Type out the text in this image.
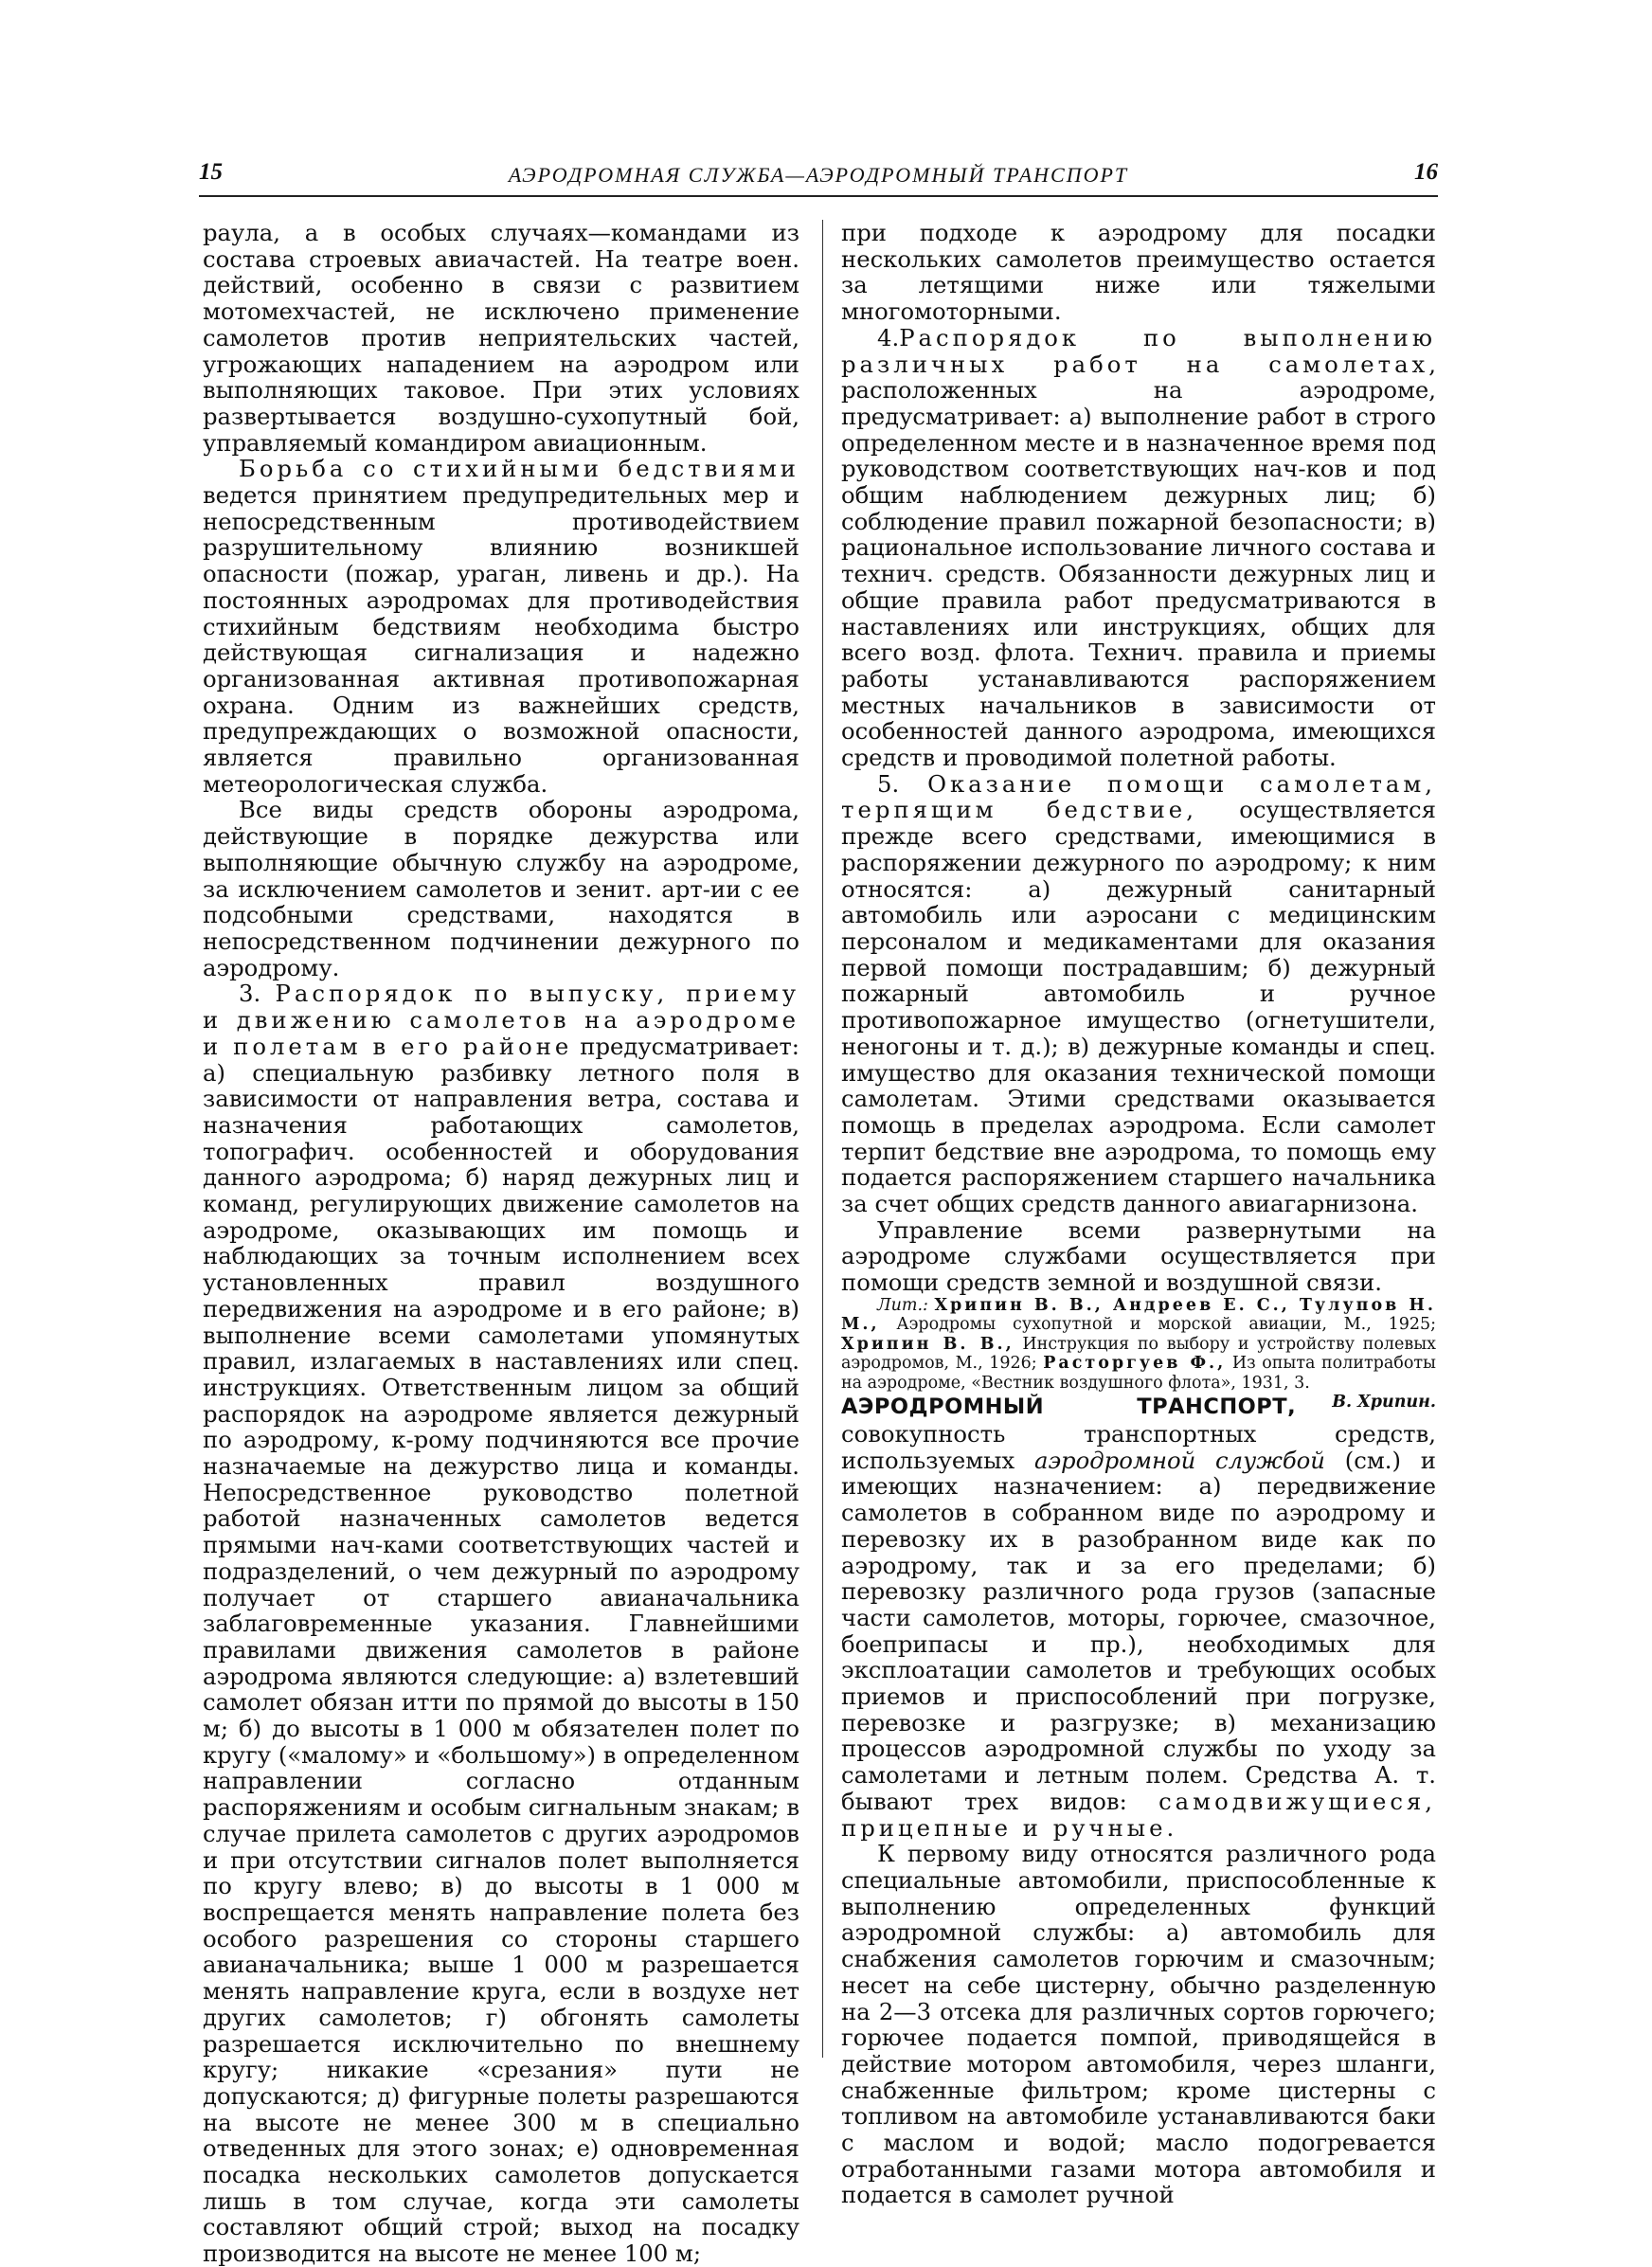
15	АЭРОДРОМНАЯ СЛУЖБА—АЭРОДРОМНЫЙ ТРАНСПОРТ	16

раула, а в особых случаях—командами из состава строевых авиачастей. На театре воен. действий, особенно в связи с развитием мотомехчастей, не исключено применение самолетов против неприятельских частей, угрожающих нападением на аэродром или выполняющих таковое. При этих условиях развертывается воздушно-сухопутный бой, управляемый командиром авиационным.

Борьба со стихийными бедствиями ведется принятием предупредительных мер и непосредственным противодействием разрушительному влиянию возникшей опасности (пожар, ураган, ливень и др.). На постоянных аэродромах для противодействия стихийным бедствиям необходима быстро действующая сигнализация и надежно организованная активная противопожарная охрана. Одним из важнейших средств, предупреждающих о возможной опасности, является правильно организованная метеорологическая служба.

Все виды средств обороны аэродрома, действующие в порядке дежурства или выполняющие обычную службу на аэродроме, за исключением самолетов и зенит. арт-ии с ее подсобными средствами, находятся в непосредственном подчинении дежурного по аэродрому.

3. Распорядок по выпуску, приему и движению самолетов на аэродроме и полетам в его районе предусматривает: а) специальную разбивку летного поля в зависимости от направления ветра, состава и назначения работающих самолетов, топографич. особенностей и оборудования данного аэродрома; б) наряд дежурных лиц и команд, регулирующих движение самолетов на аэродроме, оказывающих им помощь и наблюдающих за точным исполнением всех установленных правил воздушного передвижения на аэродроме и в его районе; в) выполнение всеми самолетами упомянутых правил, излагаемых в наставлениях или спец. инструкциях. Ответственным лицом за общий распорядок на аэродроме является дежурный по аэродрому, к-рому подчиняются все прочие назначаемые на дежурство лица и команды. Непосредственное руководство полетной работой назначенных самолетов ведется прямыми нач-ками соответствующих частей и подразделений, о чем дежурный по аэродрому получает от старшего авианачальника заблаговременные указания. Главнейшими правилами движения самолетов в районе аэродрома являются следующие: а) взлетевший самолет обязан итти по прямой до высоты в 150 м; б) до высоты в 1 000 м обязателен полет по кругу («малому» и «большому») в определенном направлении согласно отданным распоряжениям и особым сигнальным знакам; в случае прилета самолетов с других аэродромов и при отсутствии сигналов полет выполняется по кругу влево; в) до высоты в 1 000 м воспрещается менять направление полета без особого разрешения со стороны старшего авианачальника; выше 1 000 м разрешается менять направление круга, если в воздухе нет других самолетов; г) обгонять самолеты разрешается исключительно по внешнему кругу; никакие «срезания» пути не допускаются; д) фигурные полеты разрешаются на высоте не менее 300 м в специально отведенных для этого зонах; е) одновременная посадка нескольких самолетов допускается лишь в том случае, когда эти самолеты составляют общий строй; выход на посадку производится на высоте не менее 100 м;

при подходе к аэродрому для посадки нескольких самолетов преимущество остается за летящими ниже или тяжелыми многомоторными.

4.Распорядок по выполнению различных работ на самолетах, расположенных на аэродроме, предусматривает: а) выполнение работ в строго определенном месте и в назначенное время под руководством соответствующих нач-ков и под общим наблюдением дежурных лиц; б) соблюдение правил пожарной безопасности; в) рациональное использование личного состава и технич. средств. Обязанности дежурных лиц и общие правила работ предусматриваются в наставлениях или инструкциях, общих для всего возд. флота. Технич. правила и приемы работы устанавливаются распоряжением местных начальников в зависимости от особенностей данного аэродрома, имеющихся средств и проводимой полетной работы.

5. Оказание помощи самолетам, терпящим бедствие, осуществляется прежде всего средствами, имеющимися в распоряжении дежурного по аэродрому; к ним относятся: а) дежурный санитарный автомобиль или аэросани с медицинским персоналом и медикаментами для оказания первой помощи пострадавшим; б) дежурный пожарный автомобиль и ручное противопожарное имущество (огнетушители, неногоны и т. д.); в) дежурные команды и спец. имущество для оказания технической помощи самолетам. Этими средствами оказывается помощь в пределах аэродрома. Если самолет терпит бедствие вне аэродрома, то помощь ему подается распоряжением старшего начальника за счет общих средств данного авиагарнизона.

Управление всеми развернутыми на аэродроме службами осуществляется при помощи средств земной и воздушной связи.

Лит.: Хрипин В. В., Андреев Е. С., Тулупов Н. М., Аэродромы сухопутной и морской авиации, М., 1925; Хрипин В. В., Инструкция по выбору и устройству полевых аэродромов, М., 1926; Расторгуев Ф., Из опыта политработы на аэродроме, «Вестник воздушного флота», 1931, 3.
В. Хрипин.

АЭРОДРОМНЫЙ ТРАНСПОРТ, совокупность транспортных средств, используемых аэродромной службой (см.) и имеющих назначением: а) передвижение самолетов в собранном виде по аэродрому и перевозку их в разобранном виде как по аэродрому, так и за его пределами; б) перевозку различного рода грузов (запасные части самолетов, моторы, горючее, смазочное, боеприпасы и пр.), необходимых для эксплоатации самолетов и требующих особых приемов и приспособлений при погрузке, перевозке и разгрузке; в) механизацию процессов аэродромной службы по уходу за самолетами и летным полем. Средства А. т. бывают трех видов: самодвижущиеся, прицепные и ручные.

К первому виду относятся различного рода специальные автомобили, приспособленные к выполнению определенных функций аэродромной службы: а) автомобиль для снабжения самолетов горючим и смазочным; несет на себе цистерну, обычно разделенную на 2—3 отсека для различных сортов горючего; горючее подается помпой, приводящейся в действие мотором автомобиля, через шланги, снабженные фильтром; кроме цистерны с топливом на автомобиле устанавливаются баки с маслом и водой; масло подогревается отработанными газами мотора автомобиля и подается в самолет ручной
